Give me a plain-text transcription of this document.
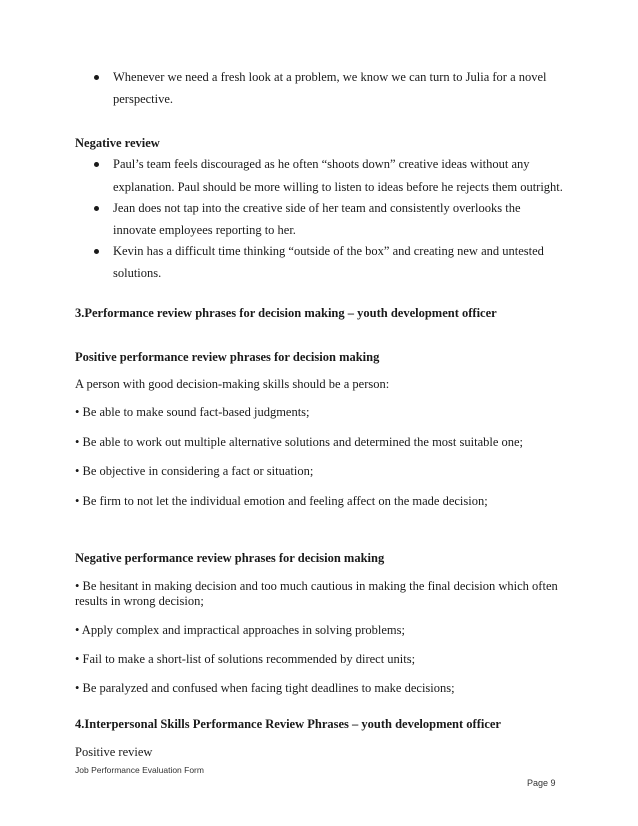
Whenever we need a fresh look at a problem, we know we can turn to Julia for a novel
perspective.
Negative review
Paul’s team feels discouraged as he often “shoots down” creative ideas without any
explanation. Paul should be more willing to listen to ideas before he rejects them outright.
Jean does not tap into the creative side of her team and consistently overlooks the
innovate employees reporting to her.
Kevin has a difficult time thinking “outside of the box” and creating new and untested
solutions.
3.Performance review phrases for decision making – youth development officer
Positive performance review phrases for decision making
A person with good decision-making skills should be a person:
• Be able to make sound fact-based judgments;
• Be able to work out multiple alternative solutions and determined the most suitable one;
• Be objective in considering a fact or situation;
• Be firm to not let the individual emotion and feeling affect on the made decision;
Negative performance review phrases for decision making
• Be hesitant in making decision and too much cautious in making the final decision which often
results in wrong decision;
• Apply complex and impractical approaches in solving problems;
• Fail to make a short-list of solutions recommended by direct units;
• Be paralyzed and confused when facing tight deadlines to make decisions;
4.Interpersonal Skills Performance Review Phrases – youth development officer
Positive review
Job Performance Evaluation Form
Page 9
